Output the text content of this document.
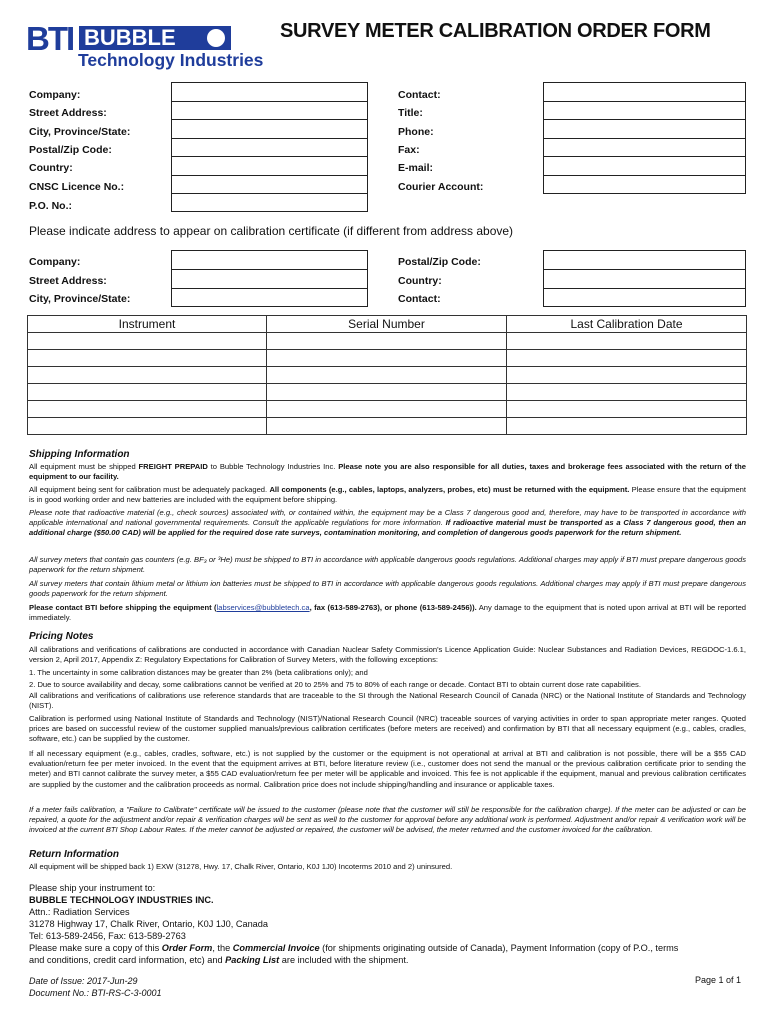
BTI BUBBLE
Technology Industries
SURVEY METER CALIBRATION ORDER FORM
Company:
Street Address:
City, Province/State:
Postal/Zip Code:
Country:
CNSC Licence No.:
P.O. No.:
Contact:
Title:
Phone:
Fax:
E-mail:
Courier Account:
Please indicate address to appear on calibration certificate (if different from address above)
Company:
Street Address:
City, Province/State:
Postal/Zip Code:
Country:
Contact:
Instrument	Serial Number	Last Calibration Date

Shipping Information
All equipment must be shipped FREIGHT PREPAID to Bubble Technology Industries Inc. Please note you are also responsible for all duties, taxes and brokerage fees associated with the return of the equipment to our facility.
All equipment being sent for calibration must be adequately packaged. All components (e.g., cables, laptops, analyzers, probes, etc) must be returned with the equipment. Please ensure that the equipment is in good working order and new batteries are included with the equipment before shipping.
Please note that radioactive material (e.g., check sources) associated with, or contained within, the equipment may be a Class 7 dangerous good and, therefore, may have to be transported in accordance with applicable international and national governmental requirements. Consult the applicable regulations for more information. If radioactive material must be transported as a Class 7 dangerous good, then an additional charge ($50.00 CAD) will be applied for the required dose rate surveys, contamination monitoring, and completion of dangerous goods paperwork for the return shipment.
All survey meters that contain gas counters (e.g. BF₃ or ³He) must be shipped to BTI in accordance with applicable dangerous goods regulations. Additional charges may apply if BTI must prepare dangerous goods paperwork for the return shipment.
All survey meters that contain lithium metal or lithium ion batteries must be shipped to BTI in accordance with applicable dangerous goods regulations. Additional charges may apply if BTI must prepare dangerous goods paperwork for the return shipment.
Please contact BTI before shipping the equipment (labservices@bubbletech.ca, fax (613-589-2763), or phone (613-589-2456)). Any damage to the equipment that is noted upon arrival at BTI will be reported immediately.
Pricing Notes
All calibrations and verifications of calibrations are conducted in accordance with Canadian Nuclear Safety Commission's Licence Application Guide: Nuclear Substances and Radiation Devices, REGDOC-1.6.1, version 2, April 2017, Appendix Z: Regulatory Expectations for Calibration of Survey Meters, with the following exceptions:
1. The uncertainty in some calibration distances may be greater than 2% (beta calibrations only); and
2. Due to source availability and decay, some calibrations cannot be verified at 20 to 25% and 75 to 80% of each range or decade. Contact BTI to obtain current dose rate capabilities.
All calibrations and verifications of calibrations use reference standards that are traceable to the SI through the National Research Council of Canada (NRC) or the National Institute of Standards and Technology (NIST).
Calibration is performed using National Institute of Standards and Technology (NIST)/National Research Council (NRC) traceable sources of varying activities in order to span appropriate meter ranges. Quoted prices are based on successful review of the customer supplied manuals/previous calibration certificates (before meters are received) and confirmation by BTI that all necessary equipment (e.g., cables, cradles, software, etc.) can be supplied by the customer.
If all necessary equipment (e.g., cables, cradles, software, etc.) is not supplied by the customer or the equipment is not operational at arrival at BTI and calibration is not possible, there will be a $55 CAD evaluation/return fee per meter invoiced. In the event that the equipment arrives at BTI, before literature review (i.e., customer does not send the manual or the previous calibration certificate prior to sending the meter) and BTI cannot calibrate the survey meter, a $55 CAD evaluation/return fee per meter will be applicable and invoiced. This fee is not applicable if the equipment, manual and previous calibration certificates are supplied by the customer and the calibration proceeds as normal. Calibration price does not include shipping/handling and insurance or applicable taxes.
If a meter fails calibration, a "Failure to Calibrate" certificate will be issued to the customer (please note that the customer will still be responsible for the calibration charge). If the meter can be adjusted or can be repaired, a quote for the adjustment and/or repair & verification charges will be sent as well to the customer for approval before any additional work is performed. Adjustment and/or repair & verification work will be invoiced at the current BTI Shop Labour Rates. If the meter cannot be adjusted or repaired, the customer will be advised, the meter returned and the customer invoiced for the calibration.
Return Information
All equipment will be shipped back 1) EXW (31278, Hwy. 17, Chalk River, Ontario, K0J 1J0) Incoterms 2010 and 2) uninsured.
Please ship your instrument to:
BUBBLE TECHNOLOGY INDUSTRIES INC.
Attn.: Radiation Services
31278 Highway 17, Chalk River, Ontario, K0J 1J0, Canada
Tel: 613-589-2456, Fax: 613-589-2763
Please make sure a copy of this Order Form, the Commercial Invoice (for shipments originating outside of Canada), Payment Information (copy of P.O., terms
and conditions, credit card information, etc) and Packing List are included with the shipment.
Date of Issue: 2017-Jun-29
Document No.: BTI-RS-C-3-0001
Page 1 of 1
